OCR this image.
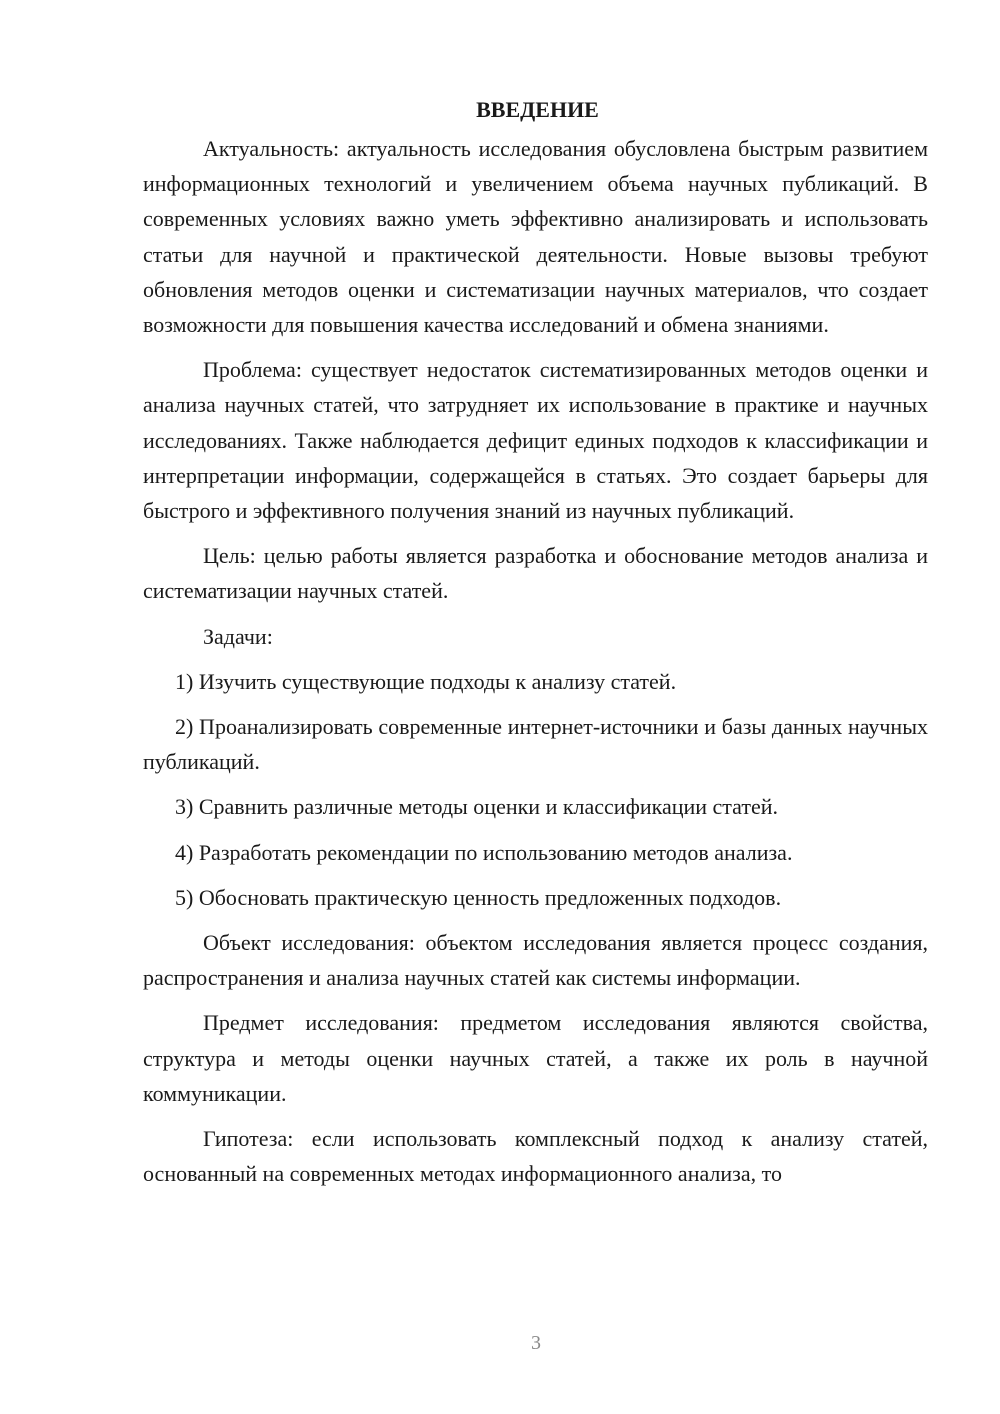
ВВЕДЕНИЕ

Актуальность: актуальность исследования обусловлена быстрым развитием информационных технологий и увеличением объема научных публикаций. В современных условиях важно уметь эффективно анализировать и использовать статьи для научной и практической деятельности. Новые вызовы требуют обновления методов оценки и систематизации научных материалов, что создает возможности для повышения качества исследований и обмена знаниями.

Проблема: существует недостаток систематизированных методов оценки и анализа научных статей, что затрудняет их использование в практике и научных исследованиях. Также наблюдается дефицит единых подходов к классификации и интерпретации информации, содержащейся в статьях. Это создает барьеры для быстрого и эффективного получения знаний из научных публикаций.

Цель: целью работы является разработка и обоснование методов анализа и систематизации научных статей.

Задачи:

1) Изучить существующие подходы к анализу статей.

2) Проанализировать современные интернет-источники и базы данных научных публикаций.

3) Сравнить различные методы оценки и классификации статей.

4) Разработать рекомендации по использованию методов анализа.

5) Обосновать практическую ценность предложенных подходов.

Объект исследования: объектом исследования является процесс создания, распространения и анализа научных статей как системы информации.

Предмет исследования: предметом исследования являются свойства, структура и методы оценки научных статей, а также их роль в научной коммуникации.

Гипотеза: если использовать комплексный подход к анализу статей, основанный на современных методах информационного анализа, то

3
